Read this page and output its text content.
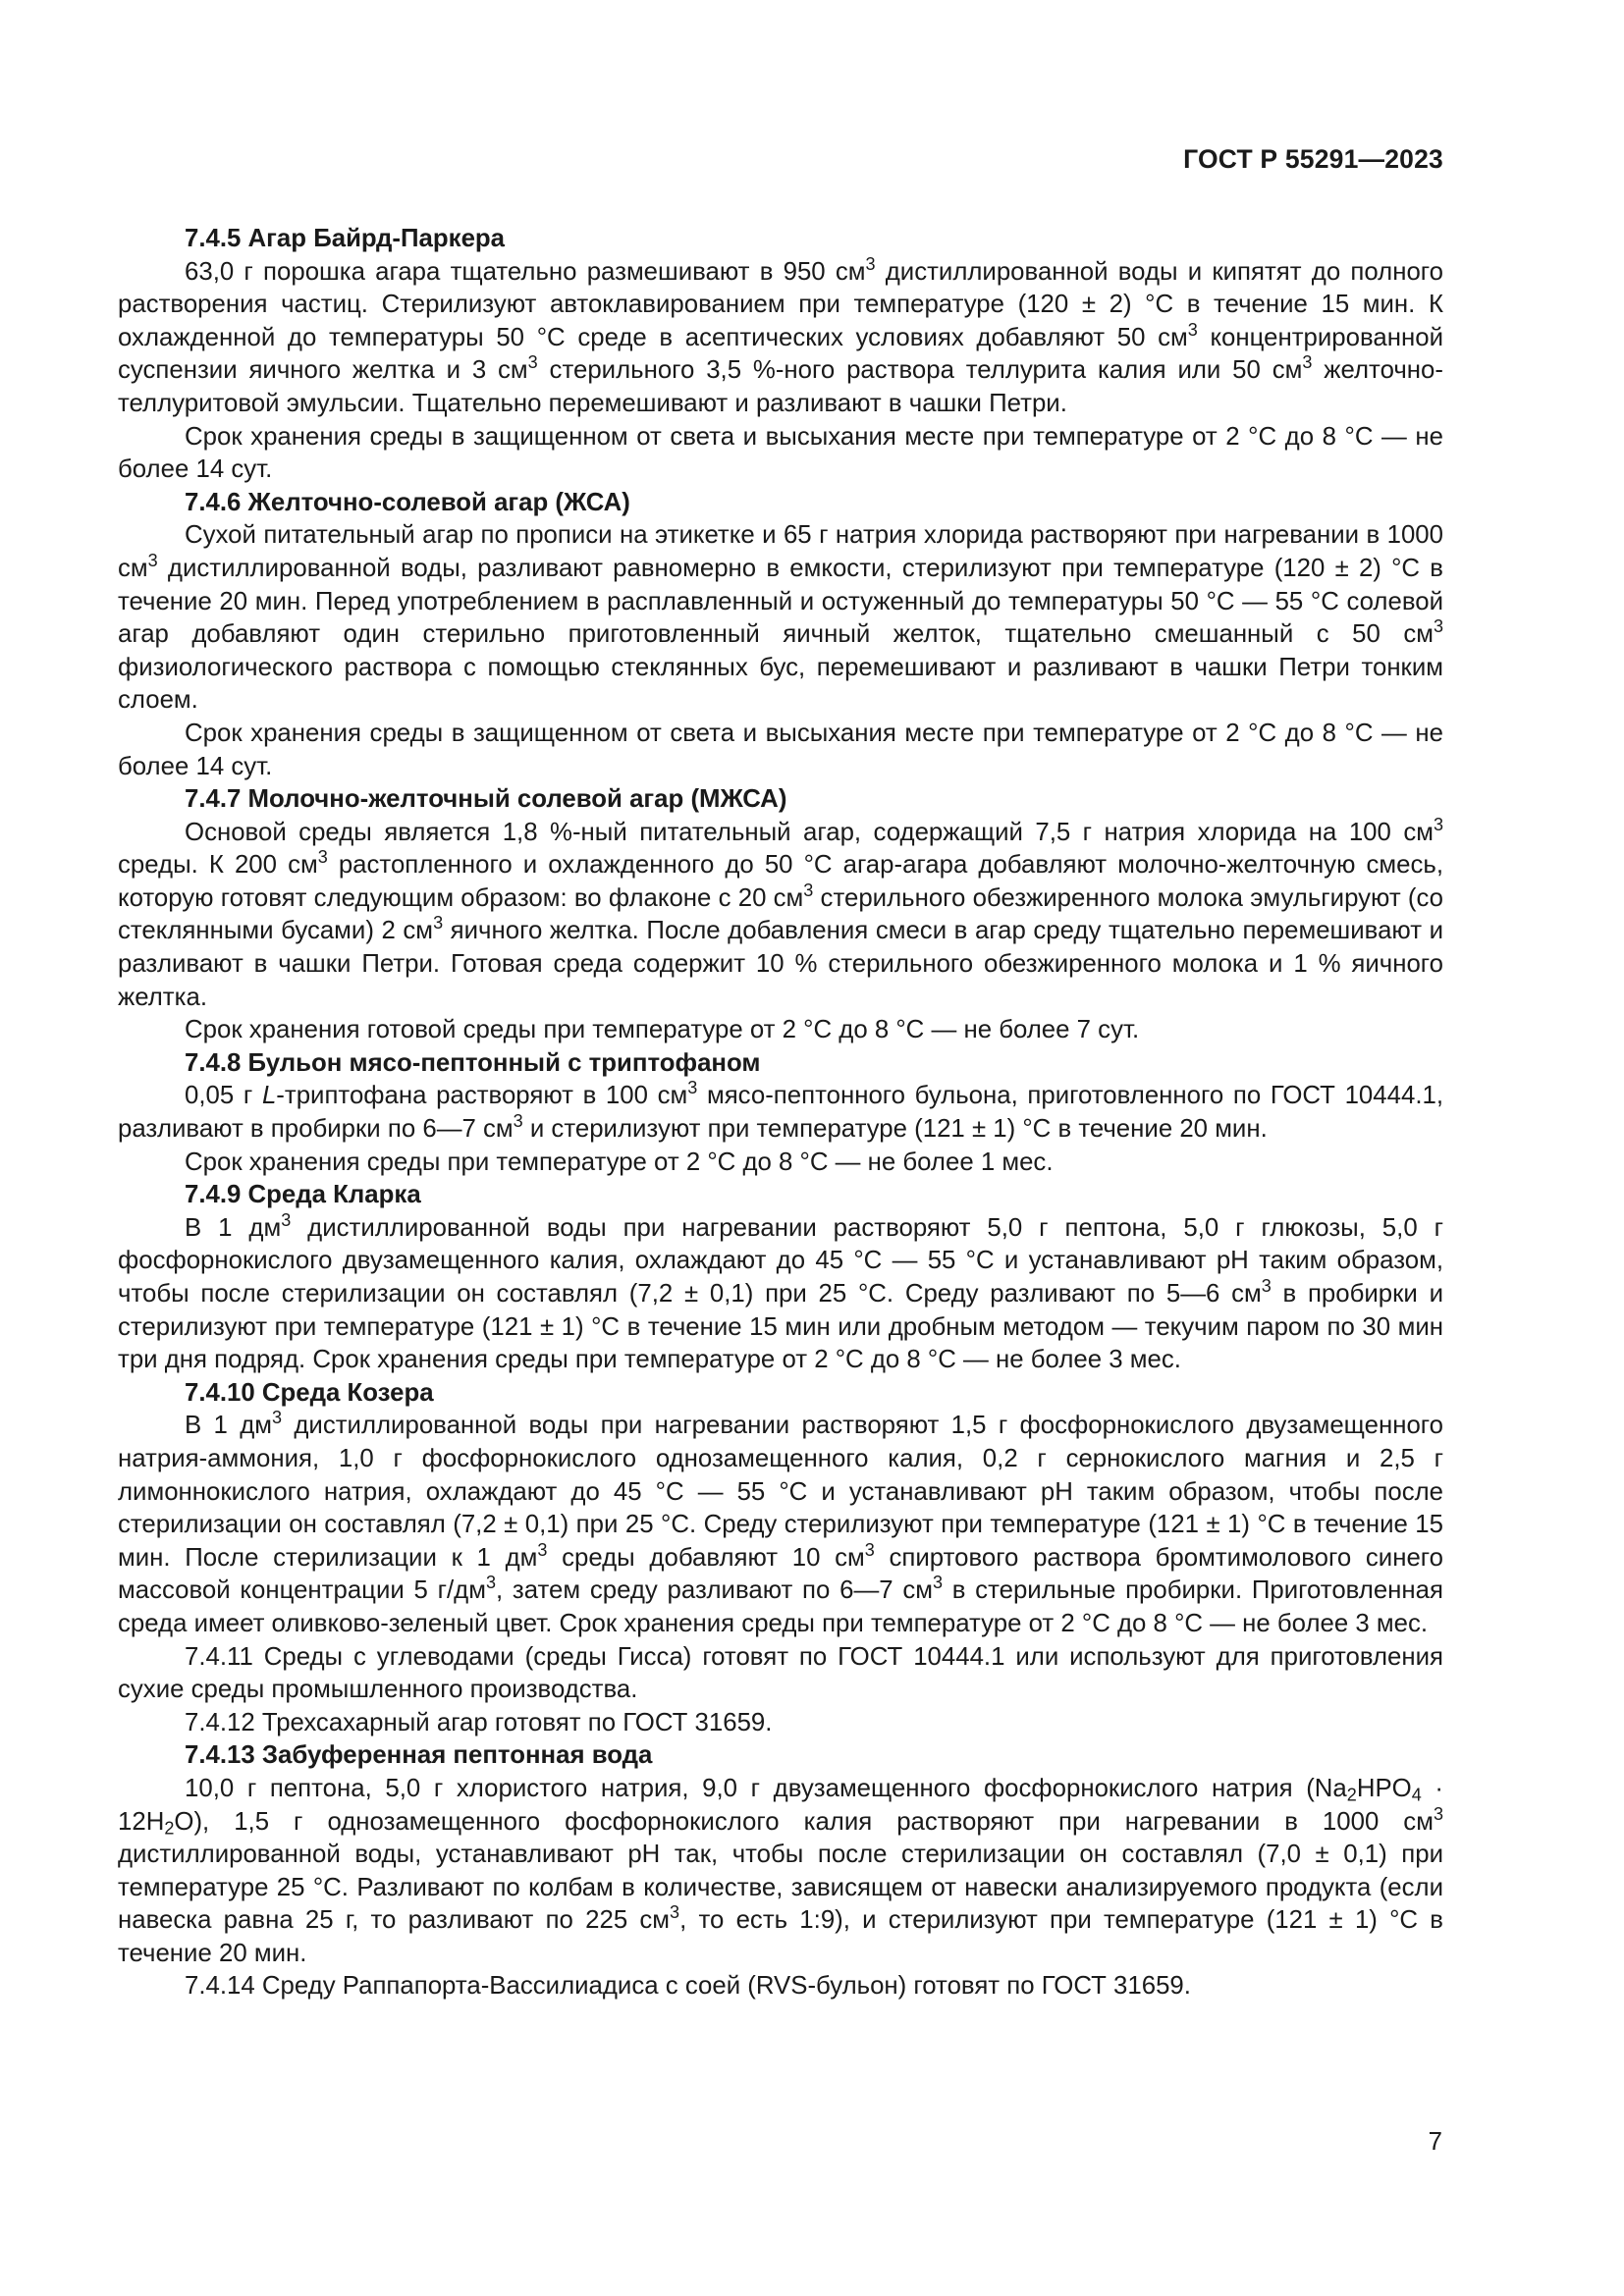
ГОСТ Р 55291—2023

7.4.5 Агар Байрд-Паркера

63,0 г порошка агара тщательно размешивают в 950 $см^3$ дистиллированной воды и кипятят до полного растворения частиц. Стерилизуют автоклавированием при температуре (120 ± 2) °C в течение 15 мин. К охлажденной до температуры 50 °C среде в асептических условиях добавляют 50 $см^3$ концентрированной суспензии яичного желтка и 3 $см^3$ стерильного 3,5 %-ного раствора теллурита калия или 50 $см^3$ желточно-теллуритовой эмульсии. Тщательно перемешивают и разливают в чашки Петри.

Срок хранения среды в защищенном от света и высыхания месте при температуре от 2 °C до 8 °C — не более 14 сут.

7.4.6 Желточно-солевой агар (ЖСА)

Сухой питательный агар по прописи на этикетке и 65 г натрия хлорида растворяют при нагревании в 1000 $см^3$ дистиллированной воды, разливают равномерно в емкости, стерилизуют при температуре (120 ± 2) °C в течение 20 мин. Перед употреблением в расплавленный и остуженный до температуры 50 °C — 55 °C солевой агар добавляют один стерильно приготовленный яичный желток, тщательно смешанный с 50 $см^3$ физиологического раствора с помощью стеклянных бус, перемешивают и разливают в чашки Петри тонким слоем.

Срок хранения среды в защищенном от света и высыхания месте при температуре от 2 °C до 8 °C — не более 14 сут.

7.4.7 Молочно-желточный солевой агар (МЖСА)

Основой среды является 1,8 %-ный питательный агар, содержащий 7,5 г натрия хлорида на 100 $см^3$ среды. К 200 $см^3$ растопленного и охлажденного до 50 °C агар-агара добавляют молочно-желточную смесь, которую готовят следующим образом: во флаконе с 20 $см^3$ стерильного обезжиренного молока эмульгируют (со стеклянными бусами) 2 $см^3$ яичного желтка. После добавления смеси в агар среду тщательно перемешивают и разливают в чашки Петри. Готовая среда содержит 10 % стерильного обезжиренного молока и 1 % яичного желтка.

Срок хранения готовой среды при температуре от 2 °C до 8 °C — не более 7 сут.

7.4.8 Бульон мясо-пептонный с триптофаном

0,05 г L-триптофана растворяют в 100 $см^3$ мясо-пептонного бульона, приготовленного по ГОСТ 10444.1, разливают в пробирки по 6—7 $см^3$ и стерилизуют при температуре (121 ± 1) °C в течение 20 мин.

Срок хранения среды при температуре от 2 °C до 8 °C — не более 1 мес.

7.4.9 Среда Кларка

В 1 $дм^3$ дистиллированной воды при нагревании растворяют 5,0 г пептона, 5,0 г глюкозы, 5,0 г фосфорнокислого двузамещенного калия, охлаждают до 45 °C — 55 °C и устанавливают pH таким образом, чтобы после стерилизации он составлял (7,2 ± 0,1) при 25 °C. Среду разливают по 5—6 $см^3$ в пробирки и стерилизуют при температуре (121 ± 1) °C в течение 15 мин или дробным методом — текучим паром по 30 мин три дня подряд. Срок хранения среды при температуре от 2 °C до 8 °C — не более 3 мес.

7.4.10 Среда Козера

В 1 $дм^3$ дистиллированной воды при нагревании растворяют 1,5 г фосфорнокислого двузамещенного натрия-аммония, 1,0 г фосфорнокислого однозамещенного калия, 0,2 г сернокислого магния и 2,5 г лимоннокислого натрия, охлаждают до 45 °C — 55 °C и устанавливают pH таким образом, чтобы после стерилизации он составлял (7,2 ± 0,1) при 25 °C. Среду стерилизуют при температуре (121 ± 1) °C в течение 15 мин. После стерилизации к 1 $дм^3$ среды добавляют 10 $см^3$ спиртового раствора бромтимолового синего массовой концентрации 5 $г/дм^3$, затем среду разливают по 6—7 $см^3$ в стерильные пробирки. Приготовленная среда имеет оливково-зеленый цвет. Срок хранения среды при температуре от 2 °C до 8 °C — не более 3 мес.

7.4.11 Среды с углеводами (среды Гисса) готовят по ГОСТ 10444.1 или используют для приготовления сухие среды промышленного производства.

7.4.12 Трехсахарный агар готовят по ГОСТ 31659.

7.4.13 Забуференная пептонная вода

10,0 г пептона, 5,0 г хлористого натрия, 9,0 г двузамещенного фосфорнокислого натрия $(Na_2HPO_4 \cdot 12H_2O)$, 1,5 г однозамещенного фосфорнокислого калия растворяют при нагревании в 1000 $см^3$ дистиллированной воды, устанавливают pH так, чтобы после стерилизации он составлял (7,0 ± 0,1) при температуре 25 °C. Разливают по колбам в количестве, зависящем от навески анализируемого продукта (если навеска равна 25 г, то разливают по 225 $см^3$, то есть 1:9), и стерилизуют при температуре (121 ± 1) °C в течение 20 мин.

7.4.14 Среду Раппапорта-Вассилиадиса с соей (RVS-бульон) готовят по ГОСТ 31659.

7
